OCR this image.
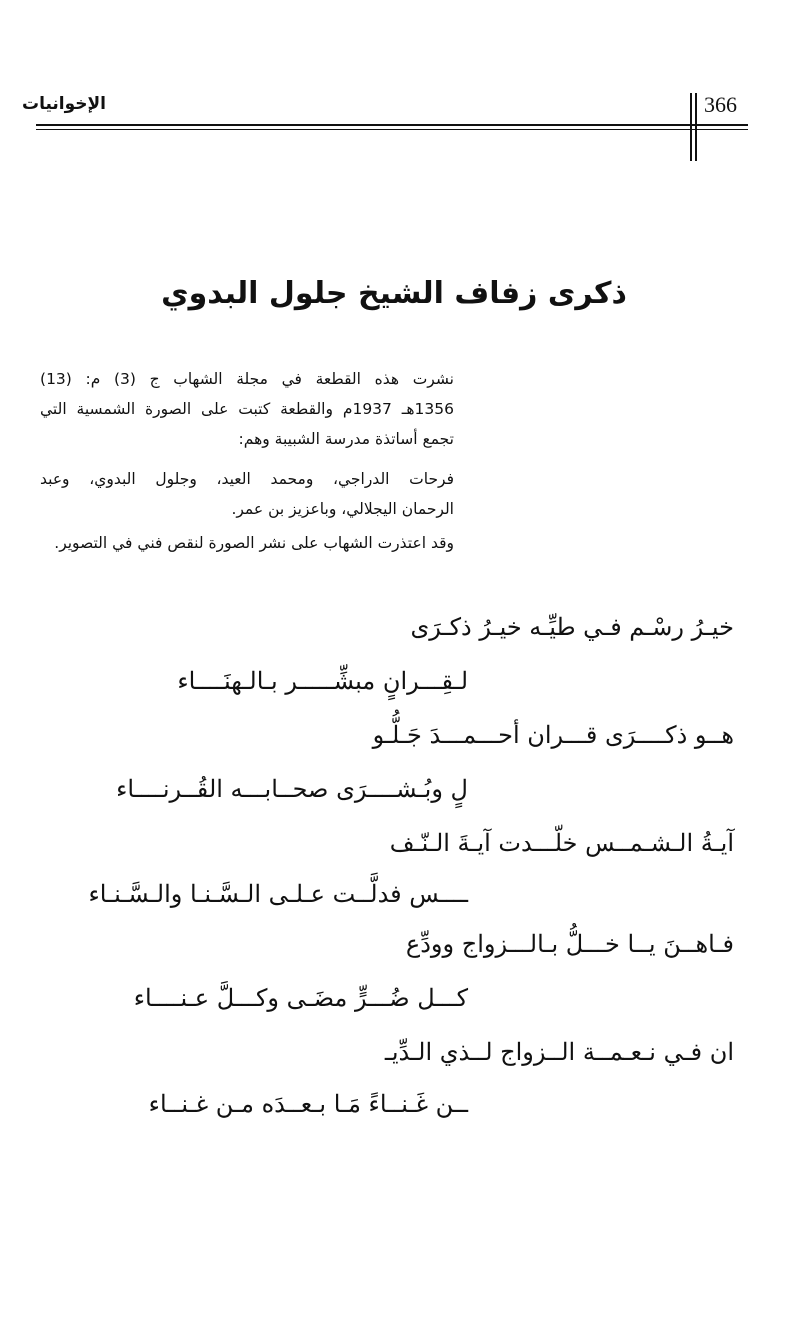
366
الإخوانيات
ذكرى زفاف الشيخ جلول البدوي
نشرت هذه القطعة في مجلة الشهاب ج (3) م: (13)
1356هـ 1937م والقطعة كتبت على الصورة الشمسية التي
تجمع أساتذة مدرسة الشبيبة وهم:
فرحات الدراجي، ومحمد العيد، وجلول البدوي، وعبد
الرحمان اليجلالي، وباعزيز بن عمر.
وقد اعتذرت الشهاب على نشر الصورة لنقص فني في التصوير.
خيـرُ رسْـم فـي طيِّـه خيـرُ ذكـرَى
لـقِـــرانٍ مبشِّـــــر بـالـهنَــــاء
هــو ذكــــرَى قـــران أحـــمـــدَ جَـلُّـو
لٍ وبُـشــــرَى صحــابـــه القُــرنــــاء
آيـةُ الـشـمــس خلّـــدت آيـةَ الـنّـف
ــــس فدلَّــت عـلـى الـسَّـنـا والـسَّـنـاء
فـاهــنَ يــا خـــلُّ بـالـــزواج وودِّع
كـــل ضُـــرٍّ مضَـى وكـــلَّ عـنــــاء
ان فـي نـعـمــة الــزواج لــذي الـدِّيـ
ــن غَـنــاءً مَـا بـعــدَه مـن غـنــاء
